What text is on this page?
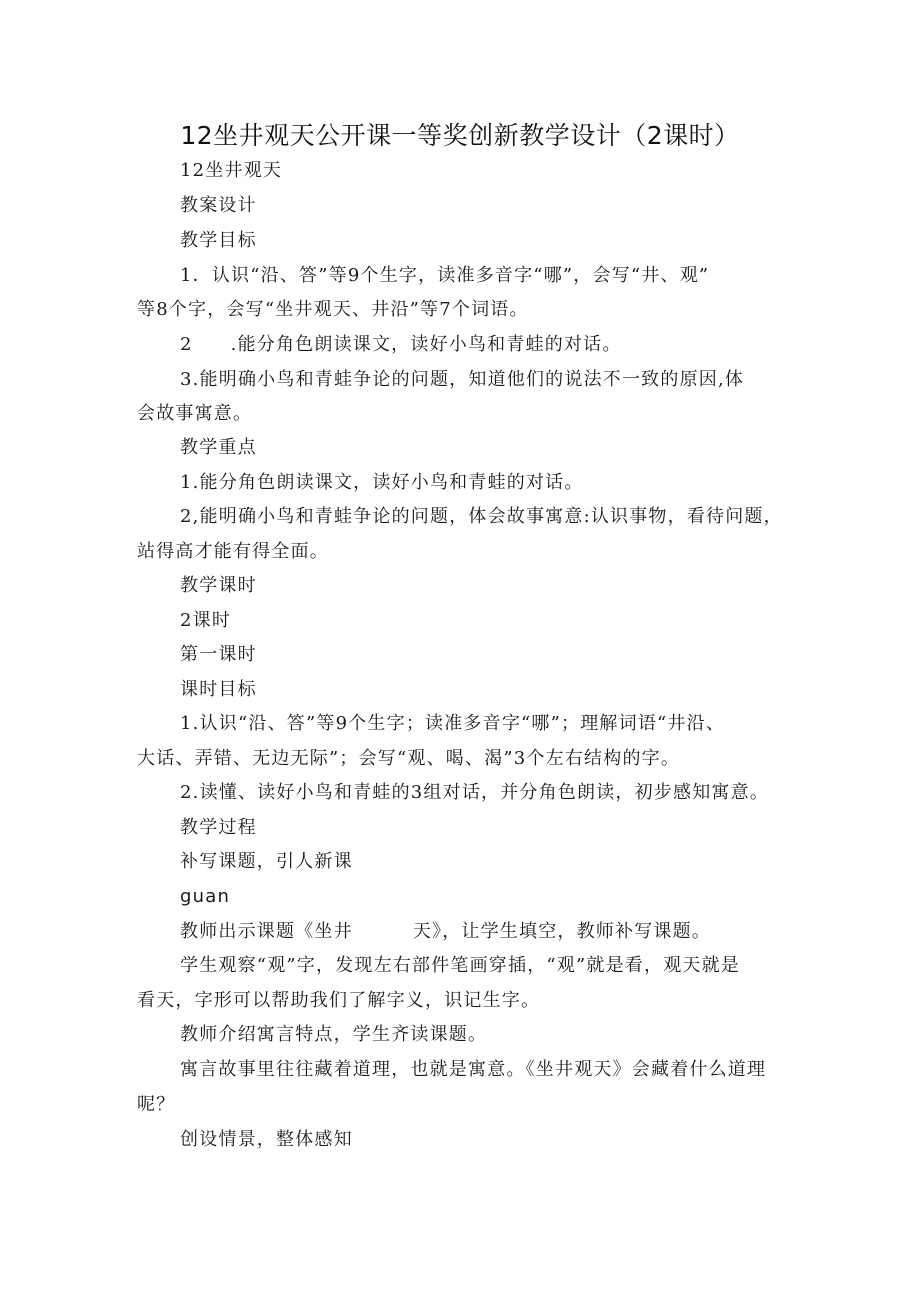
12坐井观天公开课一等奖创新教学设计（2课时）
12坐井观天
教案设计
教学目标
1．认识“沿、答”等9个生字，读准多音字“哪”，会写“井、观”
等8个字，会写“坐井观天、井沿”等7个词语。
2 .能分角色朗读课文，读好小鸟和青蛙的对话。
3.能明确小鸟和青蛙争论的问题，知道他们的说法不一致的原因,体
会故事寓意。
教学重点
1.能分角色朗读课文，读好小鸟和青蛙的对话。
2,能明确小鸟和青蛙争论的问题，体会故事寓意:认识事物，看待问题，
站得高才能有得全面。
教学课时
2课时
第一课时
课时目标
1.认识“沿、答”等9个生字；读准多音字“哪”；理解词语“井沿、
大话、弄错、无边无际”；会写“观、喝、渴”3个左右结构的字。
2.读懂、读好小鸟和青蛙的3组对话，并分角色朗读，初步感知寓意。
教学过程
补写课题，引人新课
guan
教师出示课题《坐井	天》，让学生填空，教师补写课题。
学生观察“观”字，发现左右部件笔画穿插，“观”就是看，观天就是
看天，字形可以帮助我们了解字义，识记生字。
教师介绍寓言特点，学生齐读课题。
寓言故事里往往藏着道理，也就是寓意。《坐井观天》会藏着什么道理
呢？
创设情景，整体感知
